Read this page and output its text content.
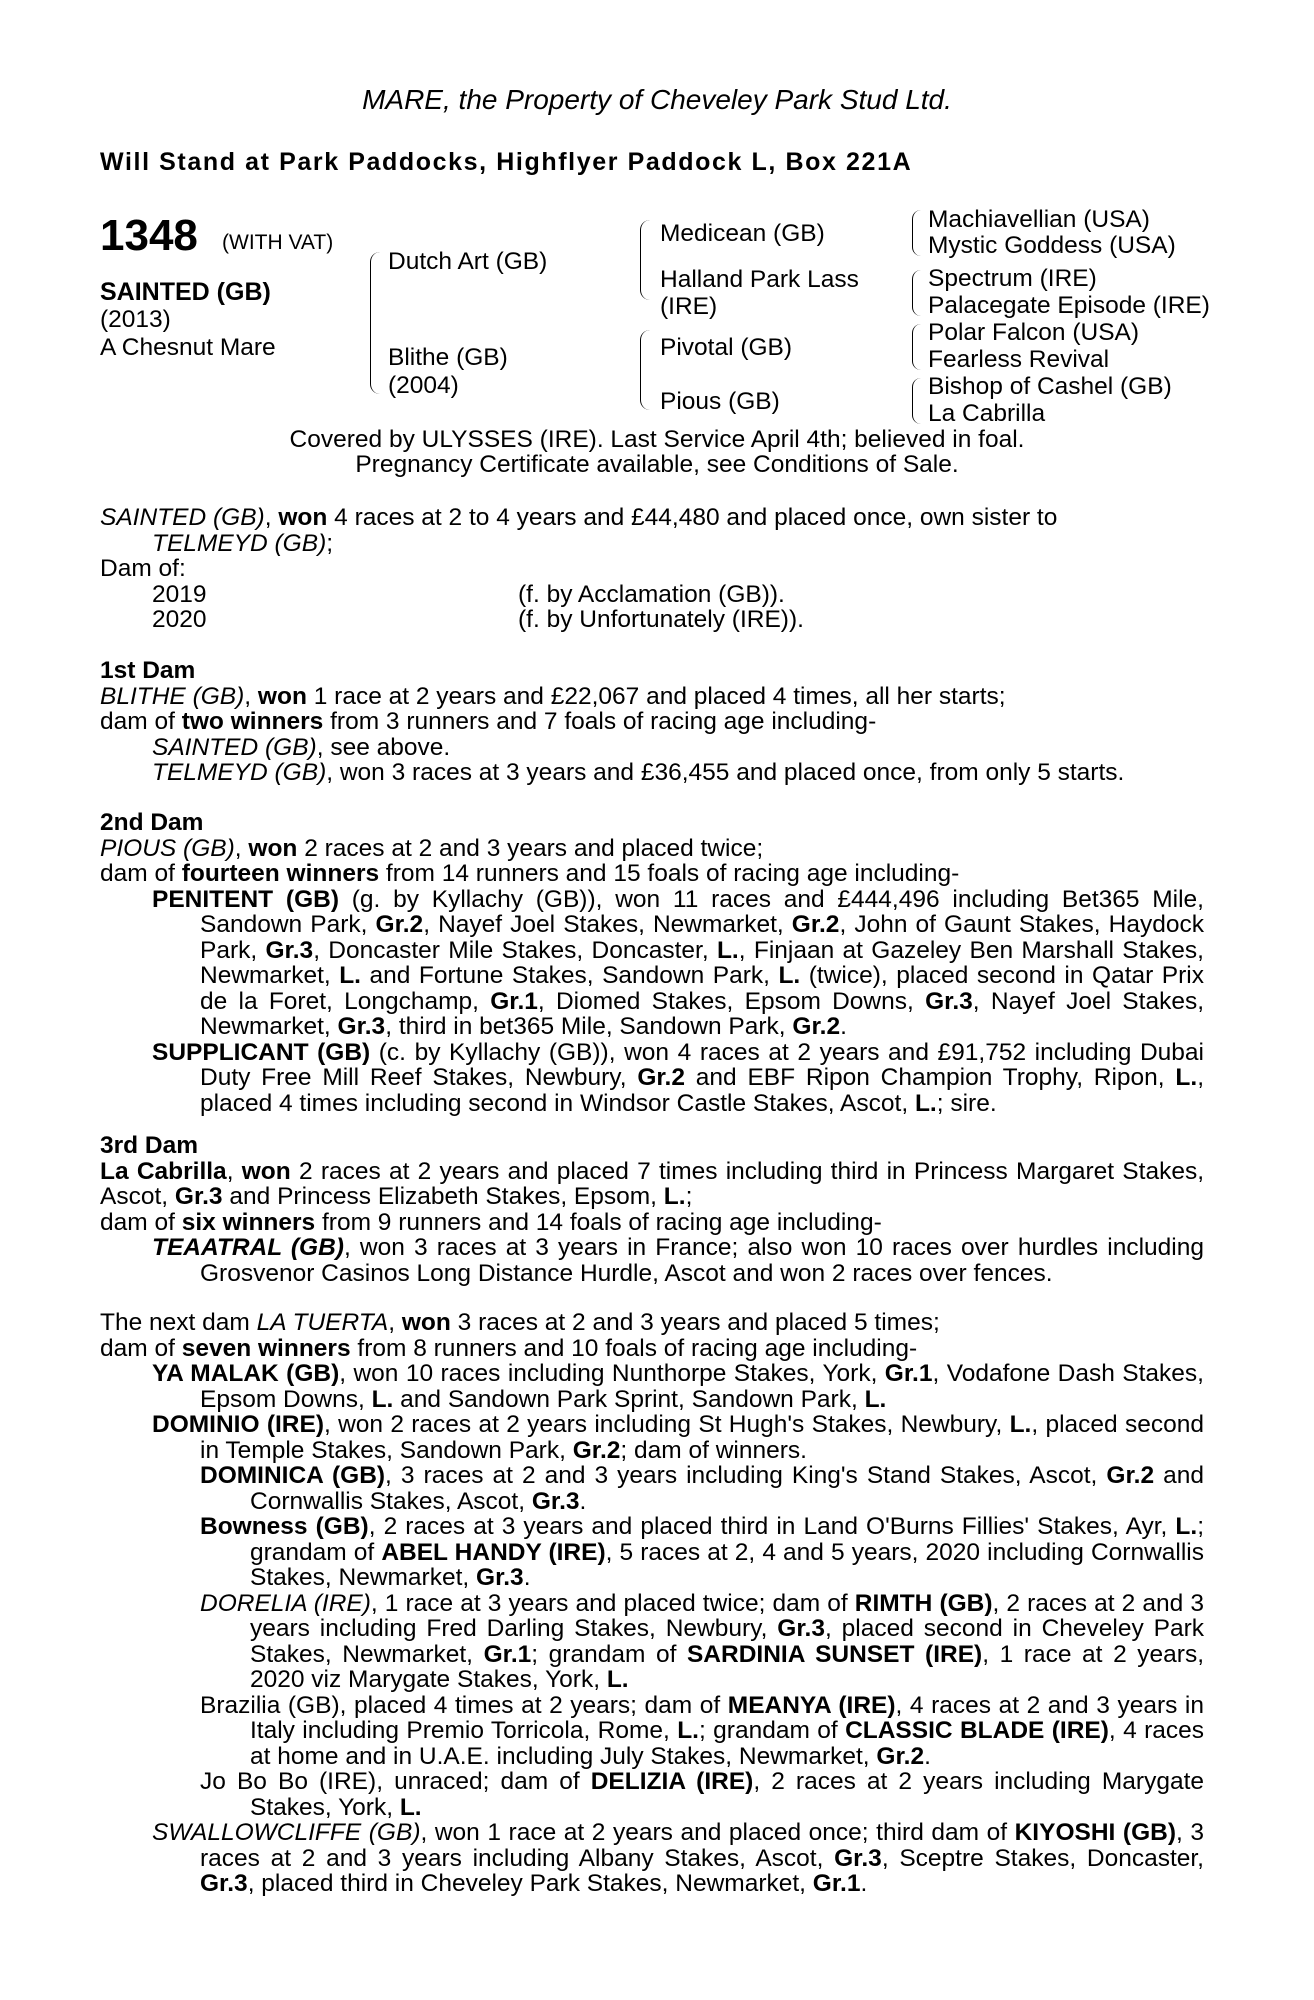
MARE, the Property of Cheveley Park Stud Ltd.
Will Stand at Park Paddocks, Highflyer Paddock L, Box 221A
1348 (WITH VAT)
SAINTED (GB)
(2013)
A Chesnut Mare
Dutch Art (GB)
Blithe (GB)
(2004)
Medicean (GB)
Halland Park Lass
(IRE)
Pivotal (GB)
Pious (GB)
Machiavellian (USA)
Mystic Goddess (USA)
Spectrum (IRE)
Palacegate Episode (IRE)
Polar Falcon (USA)
Fearless Revival
Bishop of Cashel (GB)
La Cabrilla
Covered by ULYSSES (IRE). Last Service April 4th; believed in foal.
Pregnancy Certificate available, see Conditions of Sale.

SAINTED (GB), won 4 races at 2 to 4 years and £44,480 and placed once, own sister to

TELMEYD (GB);

Dam of:

2019	(f. by Acclamation (GB)).
2020	(f. by Unfortunately (IRE)).

1st Dam

BLITHE (GB), won 1 race at 2 years and £22,067 and placed 4 times, all her starts;

dam of two winners from 3 runners and 7 foals of racing age including-

SAINTED (GB), see above.

TELMEYD (GB), won 3 races at 3 years and £36,455 and placed once, from only 5 starts.

2nd Dam

PIOUS (GB), won 2 races at 2 and 3 years and placed twice;

dam of fourteen winners from 14 runners and 15 foals of racing age including-

PENITENT (GB) (g. by Kyllachy (GB)), won 11 races and £444,496 including Bet365 Mile, Sandown Park, Gr.2, Nayef Joel Stakes, Newmarket, Gr.2, John of Gaunt Stakes, Haydock Park, Gr.3, Doncaster Mile Stakes, Doncaster, L., Finjaan at Gazeley Ben Marshall Stakes, Newmarket, L. and Fortune Stakes, Sandown Park, L. (twice), placed second in Qatar Prix de la Foret, Longchamp, Gr.1, Diomed Stakes, Epsom Downs, Gr.3, Nayef Joel Stakes, Newmarket, Gr.3, third in bet365 Mile, Sandown Park, Gr.2.

SUPPLICANT (GB) (c. by Kyllachy (GB)), won 4 races at 2 years and £91,752 including Dubai Duty Free Mill Reef Stakes, Newbury, Gr.2 and EBF Ripon Champion Trophy, Ripon, L., placed 4 times including second in Windsor Castle Stakes, Ascot, L.; sire.

3rd Dam

La Cabrilla, won 2 races at 2 years and placed 7 times including third in Princess Margaret Stakes, Ascot, Gr.3 and Princess Elizabeth Stakes, Epsom, L.;

dam of six winners from 9 runners and 14 foals of racing age including-

TEAATRAL (GB), won 3 races at 3 years in France; also won 10 races over hurdles including Grosvenor Casinos Long Distance Hurdle, Ascot and won 2 races over fences.

The next dam LA TUERTA, won 3 races at 2 and 3 years and placed 5 times;

dam of seven winners from 8 runners and 10 foals of racing age including-

YA MALAK (GB), won 10 races including Nunthorpe Stakes, York, Gr.1, Vodafone Dash Stakes, Epsom Downs, L. and Sandown Park Sprint, Sandown Park, L.

DOMINIO (IRE), won 2 races at 2 years including St Hugh's Stakes, Newbury, L., placed second in Temple Stakes, Sandown Park, Gr.2; dam of winners.

DOMINICA (GB), 3 races at 2 and 3 years including King's Stand Stakes, Ascot, Gr.2 and Cornwallis Stakes, Ascot, Gr.3.

Bowness (GB), 2 races at 3 years and placed third in Land O'Burns Fillies' Stakes, Ayr, L.; grandam of ABEL HANDY (IRE), 5 races at 2, 4 and 5 years, 2020 including Cornwallis Stakes, Newmarket, Gr.3.

DORELIA (IRE), 1 race at 3 years and placed twice; dam of RIMTH (GB), 2 races at 2 and 3 years including Fred Darling Stakes, Newbury, Gr.3, placed second in Cheveley Park Stakes, Newmarket, Gr.1; grandam of SARDINIA SUNSET (IRE), 1 race at 2 years, 2020 viz Marygate Stakes, York, L.

Brazilia (GB), placed 4 times at 2 years; dam of MEANYA (IRE), 4 races at 2 and 3 years in Italy including Premio Torricola, Rome, L.; grandam of CLASSIC BLADE (IRE), 4 races at home and in U.A.E. including July Stakes, Newmarket, Gr.2.

Jo Bo Bo (IRE), unraced; dam of DELIZIA (IRE), 2 races at 2 years including Marygate Stakes, York, L.

SWALLOWCLIFFE (GB), won 1 race at 2 years and placed once; third dam of KIYOSHI (GB), 3 races at 2 and 3 years including Albany Stakes, Ascot, Gr.3, Sceptre Stakes, Doncaster, Gr.3, placed third in Cheveley Park Stakes, Newmarket, Gr.1.
